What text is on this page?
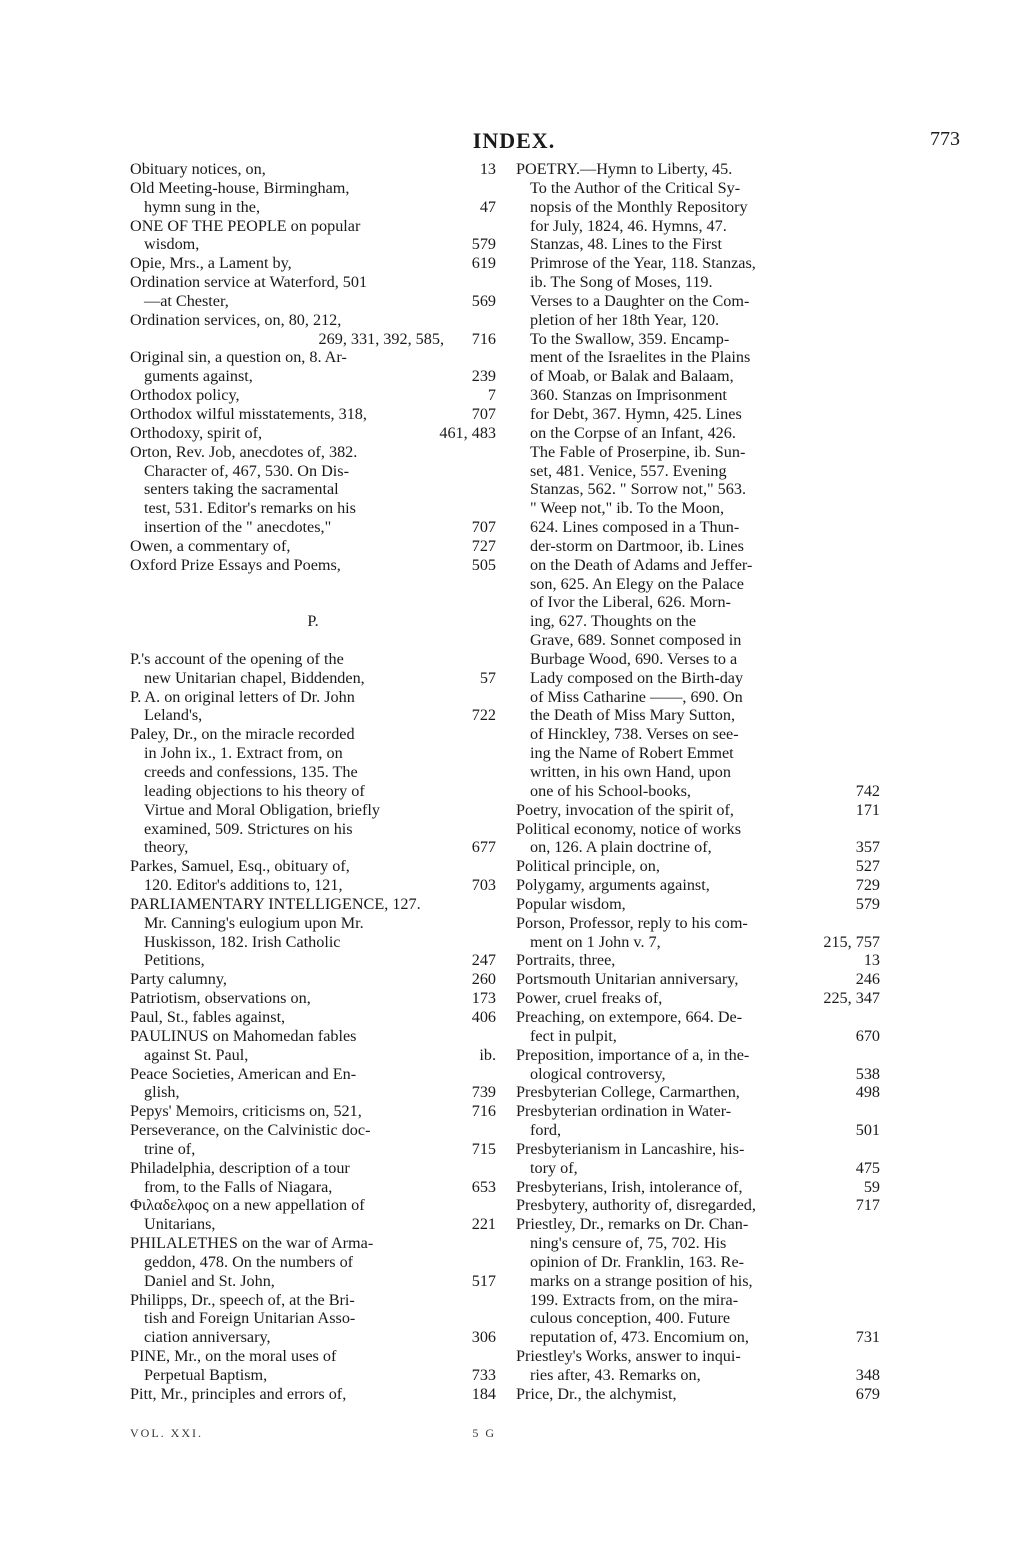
INDEX.	773
Obituary notices, on,	13
Old Meeting-house, Birmingham,
hymn sung in the,	47
ONE OF THE PEOPLE on popular
wisdom,	579
Opie, Mrs., a Lament by,	619
Ordination service at Waterford, 501
—at Chester,	569
Ordination services, on, 80, 212,
269, 331, 392, 585, 716
Original sin, a question on, 8. Ar-
guments against,	239
Orthodox policy,	7
Orthodox wilful misstatements, 318,	707
Orthodoxy, spirit of,	461, 483
Orton, Rev. Job, anecdotes of, 382.
Character of, 467, 530. On Dis-
senters taking the sacramental
test, 531. Editor's remarks on his
insertion of the " anecdotes,"	707
Owen, a commentary of,	727
Oxford Prize Essays and Poems,	505
P.
P.'s account of the opening of the
new Unitarian chapel, Biddenden,	57
P. A. on original letters of Dr. John
Leland's,	722
Paley, Dr., on the miracle recorded
in John ix., 1. Extract from, on
creeds and confessions, 135. The
leading objections to his theory of
Virtue and Moral Obligation, briefly
examined, 509. Strictures on his
theory,	677
Parkes, Samuel, Esq., obituary of,
120. Editor's additions to, 121,	703
PARLIAMENTARY INTELLIGENCE, 127.
Mr. Canning's eulogium upon Mr.
Huskisson, 182. Irish Catholic
Petitions,	247
Party calumny,	260
Patriotism, observations on,	173
Paul, St., fables against,	406
PAULINUS on Mahomedan fables
against St. Paul,	ib.
Peace Societies, American and En-
glish,	739
Pepys' Memoirs, criticisms on, 521,	716
Perseverance, on the Calvinistic doc-
trine of,	715
Philadelphia, description of a tour
from, to the Falls of Niagara,	653
Φιλαδελφος on a new appellation of
Unitarians,	221
PHILALETHES on the war of Arma-
geddon, 478. On the numbers of
Daniel and St. John,	517
Philipps, Dr., speech of, at the Bri-
tish and Foreign Unitarian Asso-
ciation anniversary,	306
PINE, Mr., on the moral uses of
Perpetual Baptism,	733
Pitt, Mr., principles and errors of,	184
POETRY.—Hymn to Liberty, 45.
To the Author of the Critical Sy-
nopsis of the Monthly Repository
for July, 1824, 46. Hymns, 47.
Stanzas, 48. Lines to the First
Primrose of the Year, 118. Stanzas,
ib. The Song of Moses, 119.
Verses to a Daughter on the Com-
pletion of her 18th Year, 120.
To the Swallow, 359. Encamp-
ment of the Israelites in the Plains
of Moab, or Balak and Balaam,
360. Stanzas on Imprisonment
for Debt, 367. Hymn, 425. Lines
on the Corpse of an Infant, 426.
The Fable of Proserpine, ib. Sun-
set, 481. Venice, 557. Evening
Stanzas, 562. " Sorrow not," 563.
" Weep not," ib. To the Moon,
624. Lines composed in a Thun-
der-storm on Dartmoor, ib. Lines
on the Death of Adams and Jeffer-
son, 625. An Elegy on the Palace
of Ivor the Liberal, 626. Morn-
ing, 627. Thoughts on the
Grave, 689. Sonnet composed in
Burbage Wood, 690. Verses to a
Lady composed on the Birth-day
of Miss Catharine ——, 690. On
the Death of Miss Mary Sutton,
of Hinckley, 738. Verses on see-
ing the Name of Robert Emmet
written, in his own Hand, upon
one of his School-books,	742
Poetry, invocation of the spirit of,	171
Political economy, notice of works
on, 126. A plain doctrine of,	357
Political principle, on,	527
Polygamy, arguments against,	729
Popular wisdom,	579
Porson, Professor, reply to his com-
ment on 1 John v. 7,	215, 757
Portraits, three,	13
Portsmouth Unitarian anniversary,	246
Power, cruel freaks of,	225, 347
Preaching, on extempore, 664. De-
fect in pulpit,	670
Preposition, importance of a, in the-
ological controversy,	538
Presbyterian College, Carmarthen,	498
Presbyterian ordination in Water-
ford,	501
Presbyterianism in Lancashire, his-
tory of,	475
Presbyterians, Irish, intolerance of,	59
Presbytery, authority of, disregarded,	717
Priestley, Dr., remarks on Dr. Chan-
ning's censure of, 75, 702. His
opinion of Dr. Franklin, 163. Re-
marks on a strange position of his,
199. Extracts from, on the mira-
culous conception, 400. Future
reputation of, 473. Encomium on,	731
Priestley's Works, answer to inqui-
ries after, 43. Remarks on,	348
Price, Dr., the alchymist,	679
VOL. XXI.	5 G
